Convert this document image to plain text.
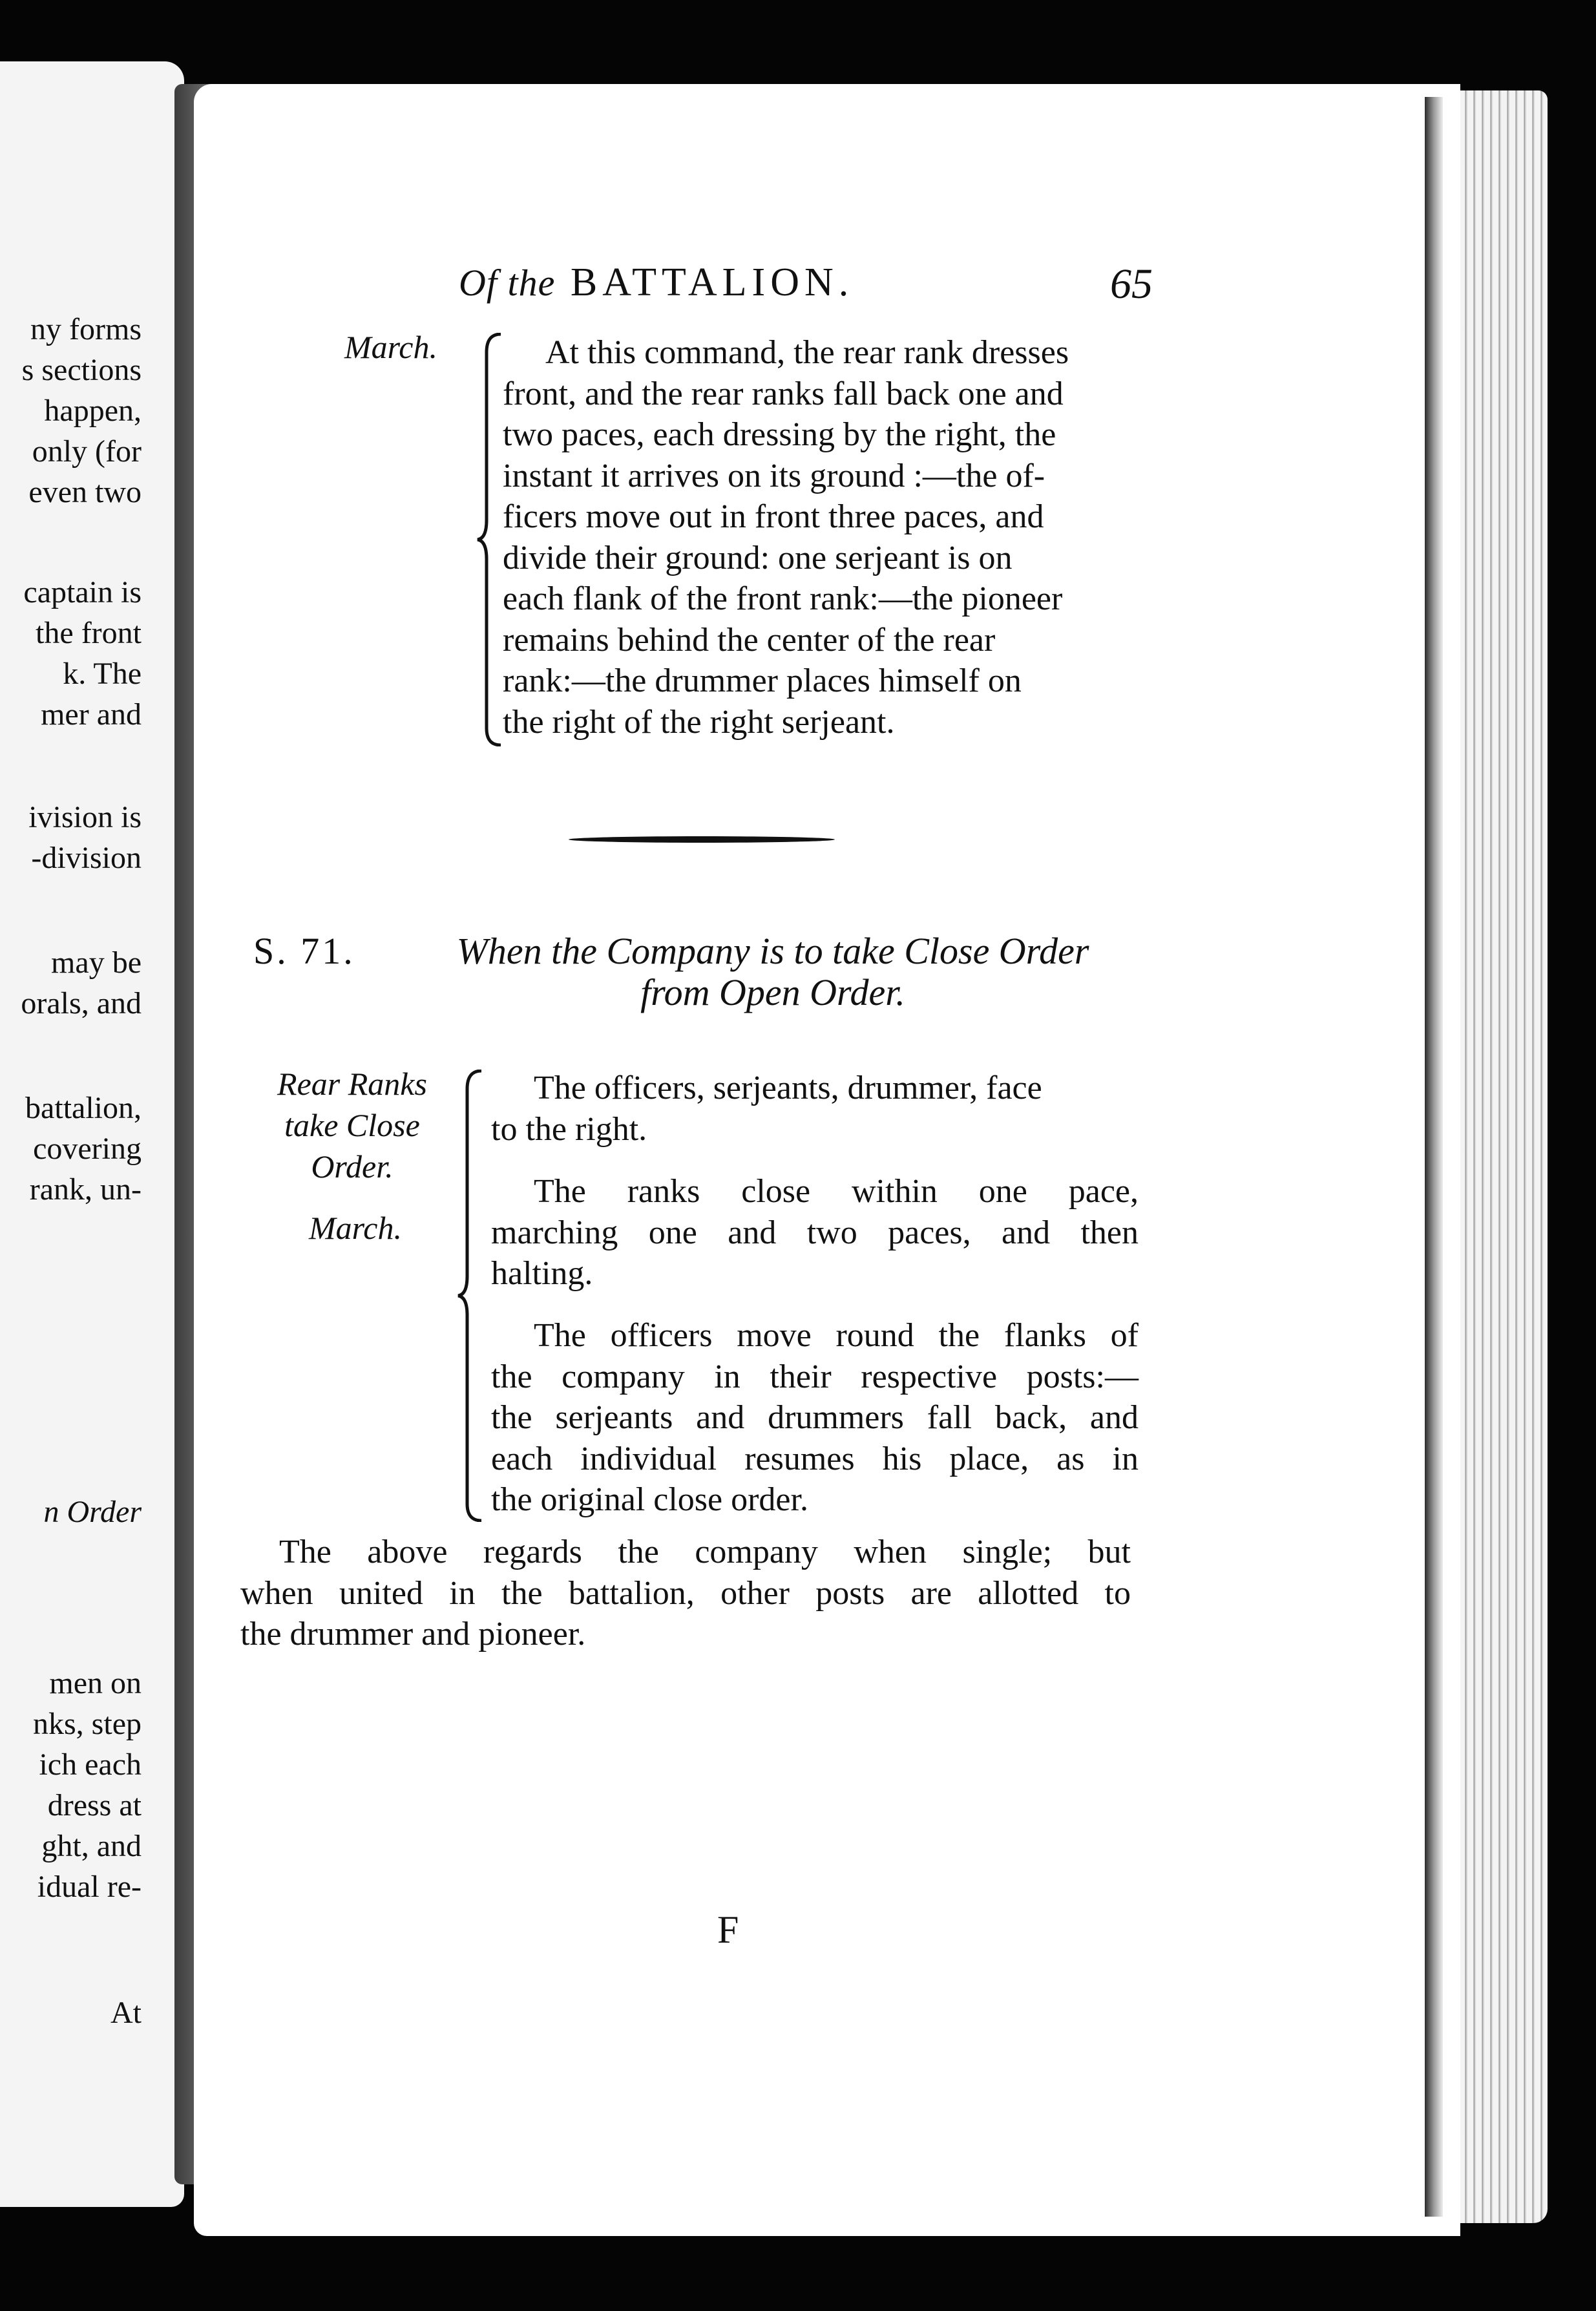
ny forms
s sections
happen,
only (for
even two
captain is
the front
k. The
mer and
ivision is
-division
may be
orals, and
battalion,
covering
rank, un-
n Order
men on
nks, step
ich each
dress at
ght, and
idual re-
At
Of the BATTALION.	65
March.	At this command, the rear rank dresses
front, and the rear ranks fall back one and
two paces, each dressing by the right, the
instant it arrives on its ground :—the of-
ficers move out in front three paces, and
divide their ground: one serjeant is on
each flank of the front rank:—the pioneer
remains behind the center of the rear
rank:—the drummer places himself on
the right of the right serjeant.
S. 71.	When the Company is to take Close Order
from Open Order.
Rear Ranks
take Close
Order.
March.
The officers, serjeants, drummer, face
to the right.
The ranks close within one pace,
marching one and two paces, and then
halting.
The officers move round the flanks of
the company in their respective posts:—
the serjeants and drummers fall back, and
each individual resumes his place, as in
the original close order.
The above regards the company when single; but
when united in the battalion, other posts are allotted to
the drummer and pioneer.
F
